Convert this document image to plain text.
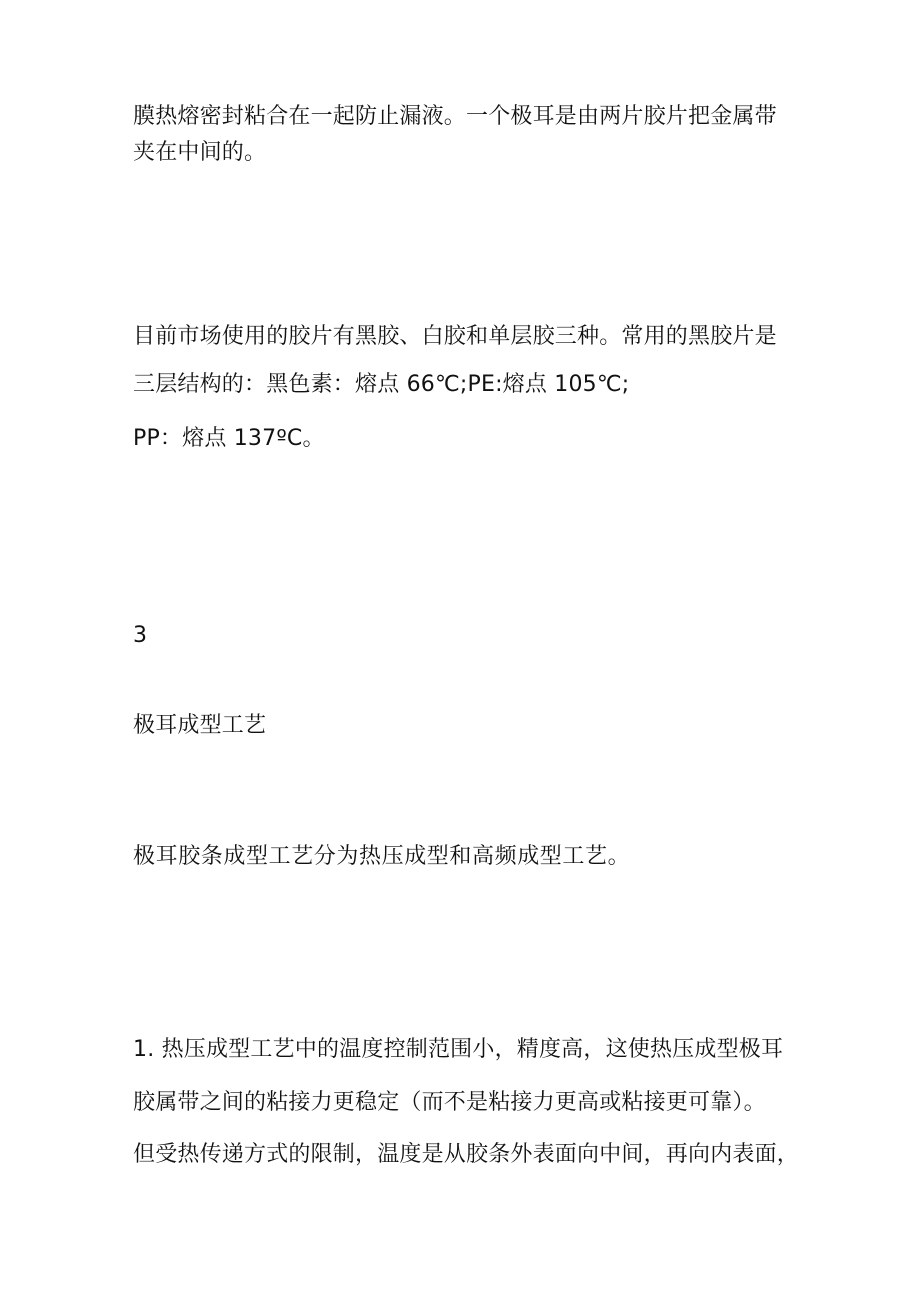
膜热熔密封粘合在一起防止漏液。一个极耳是由两片胶片把金属带
夹在中间的。
目前市场使用的胶片有黑胶、白胶和单层胶三种。常用的黑胶片是
三层结构的：黑色素：熔点 66℃;PE:熔点 105℃;
PP：熔点 137ºC。
3
极耳成型工艺
极耳胶条成型工艺分为热压成型和高频成型工艺。
1. 热压成型工艺中的温度控制范围小，精度高，这使热压成型极耳
胶属带之间的粘接力更稳定（而不是粘接力更高或粘接更可靠）。
但受热传递方式的限制，温度是从胶条外表面向中间，再向内表面，
